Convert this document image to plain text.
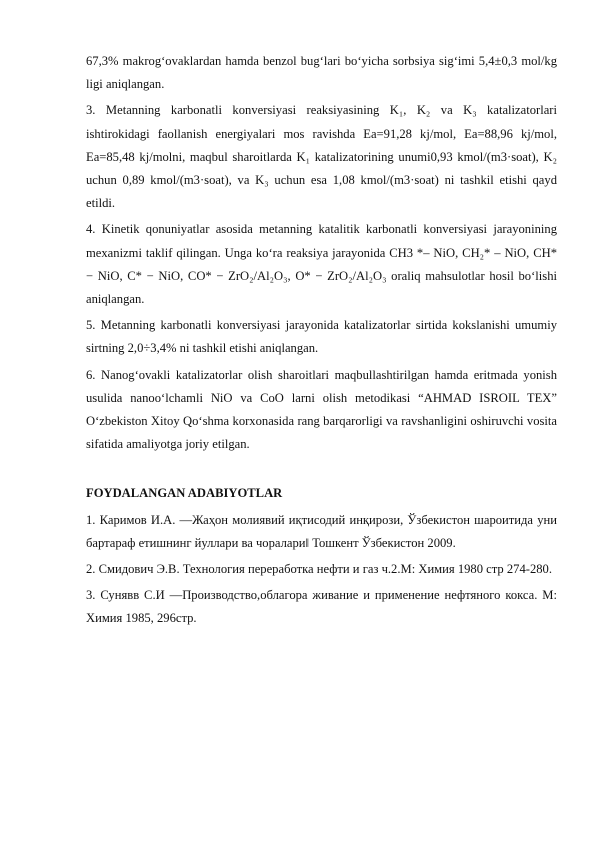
67,3% makrog‘ovaklardan hamda benzol bug‘lari bo‘yicha sorbsiya sig‘imi 5,4±0,3 mol/kg ligi aniqlangan.

3. Metanning karbonatli konversiyasi reaksiyasining K₁, K₂ va K₃ katalizatorlari ishtirokidagi faollanish energiyalari mos ravishda Ea=91,28 kj/mol, Ea=88,96 kj/mol, Ea=85,48 kj/molni, maqbul sharoitlarda K₁ katalizatorining unumi0,93 kmol/(m3·soat), K₂ uchun 0,89 kmol/(m3·soat), va K₃ uchun esa 1,08 kmol/(m3·soat) ni tashkil etishi qayd etildi.

4. Kinetik qonuniyatlar asosida metanning katalitik karbonatli konversiyasi jarayonining mexanizmi taklif qilingan. Unga ko‘ra reaksiya jarayonida CH3 *– NiO, CH₂* – NiO, CH* − NiO, C* − NiO, CO* − ZrO₂/Al₂O₃, O* − ZrO₂/Al₂O₃ oraliq mahsulotlar hosil bo‘lishi aniqlangan.

5. Metanning karbonatli konversiyasi jarayonida katalizatorlar sirtida kokslanishi umumiy sirtning 2,0÷3,4% ni tashkil etishi aniqlangan.

6. Nanog‘ovakli katalizatorlar olish sharoitlari maqbullashtirilgan hamda eritmada yonish usulida nanoo‘lchamli NiO va CoO larni olish metodikasi “AHMAD ISROIL TEX” O‘zbekiston Xitoy Qo‘shma korxonasida rang barqarorligi va ravshanligini oshiruvchi vosita sifatida amaliyotga joriy etilgan.

FOYDALANGAN ADABIYOTLAR

1. Каримов И.А. ―Жаҳон молиявий иқтисодий инқирози, Ўзбекистон шароитида уни бартараф етишнинг йуллари ва чоралари‖ Тошкент Ўзбекистон 2009.

2. Смидович Э.В. Технология переработка нефти и газ ч.2.М: Химия 1980 стр 274-280.

3. Сунявв С.И ―Производство,облагора живание и применение нефтяного кокса. М: Химия 1985, 296стр.
